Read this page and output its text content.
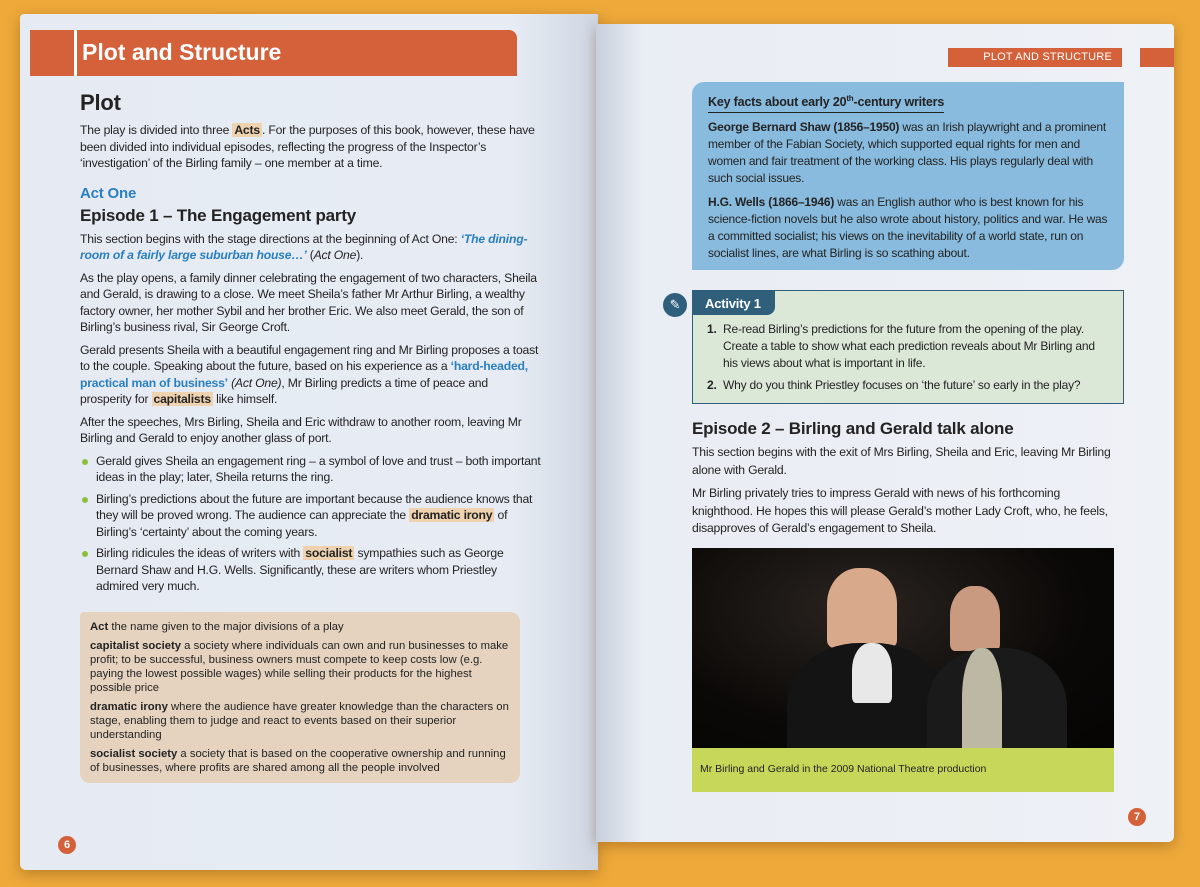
Plot and Structure
Plot

The play is divided into three Acts . For the purposes of this book, however, these have been divided into individual episodes, reflecting the progress of the Inspector’s ‘investigation’ of the Birling family – one member at a time.

Act One
Episode 1 – The Engagement party

This section begins with the stage directions at the beginning of Act One: ‘The dining-room of a fairly large suburban house…’ (Act One).

As the play opens, a family dinner celebrating the engagement of two characters, Sheila and Gerald, is drawing to a close. We meet Sheila’s father Mr Arthur Birling, a wealthy factory owner, her mother Sybil and her brother Eric. We also meet Gerald, the son of Birling’s business rival, Sir George Croft.

Gerald presents Sheila with a beautiful engagement ring and Mr Birling proposes a toast to the couple. Speaking about the future, based on his experience as a ‘hard-headed, practical man of business’ (Act One), Mr Birling predicts a time of peace and prosperity for capitalists like himself.

After the speeches, Mrs Birling, Sheila and Eric withdraw to another room, leaving Mr Birling and Gerald to enjoy another glass of port.

Gerald gives Sheila an engagement ring – a symbol of love and trust – both important ideas in the play; later, Sheila returns the ring.
Birling’s predictions about the future are important because the audience knows that they will be proved wrong. The audience can appreciate the dramatic irony of Birling’s ‘certainty’ about the coming years.
Birling ridicules the ideas of writers with socialist sympathies such as George Bernard Shaw and H.G. Wells. Significantly, these are writers whom Priestley admired very much.

Act the name given to the major divisions of a play

capitalist society a society where individuals can own and run businesses to make profit; to be successful, business owners must compete to keep costs low (e.g. paying the lowest possible wages) while selling their products for the highest possible price

dramatic irony where the audience have greater knowledge than the characters on stage, enabling them to judge and react to events based on their superior understanding

socialist society a society that is based on the cooperative ownership and running of businesses, where profits are shared among all the people involved

6
PLOT AND STRUCTURE
Key facts about early 20th-century writers

George Bernard Shaw (1856–1950) was an Irish playwright and a prominent member of the Fabian Society, which supported equal rights for men and women and fair treatment of the working class. His plays regularly deal with such social issues.

H.G. Wells (1866–1946) was an English author who is best known for his science-fiction novels but he also wrote about history, politics and war. He was a committed socialist; his views on the inevitability of a world state, run on socialist lines, are what Birling is so scathing about.

✎	Activity 1
1. Re-read Birling’s predictions for the future from the opening of the play. Create a table to show what each prediction reveals about Mr Birling and his views about what is important in life.
2. Why do you think Priestley focuses on ‘the future’ so early in the play?
Episode 2 – Birling and Gerald talk alone

This section begins with the exit of Mrs Birling, Sheila and Eric, leaving Mr Birling alone with Gerald.

Mr Birling privately tries to impress Gerald with news of his forthcoming knighthood. He hopes this will please Gerald’s mother Lady Croft, who, he feels, disapproves of Gerald’s engagement to Sheila.

Mr Birling and Gerald in the 2009 National Theatre production
7
